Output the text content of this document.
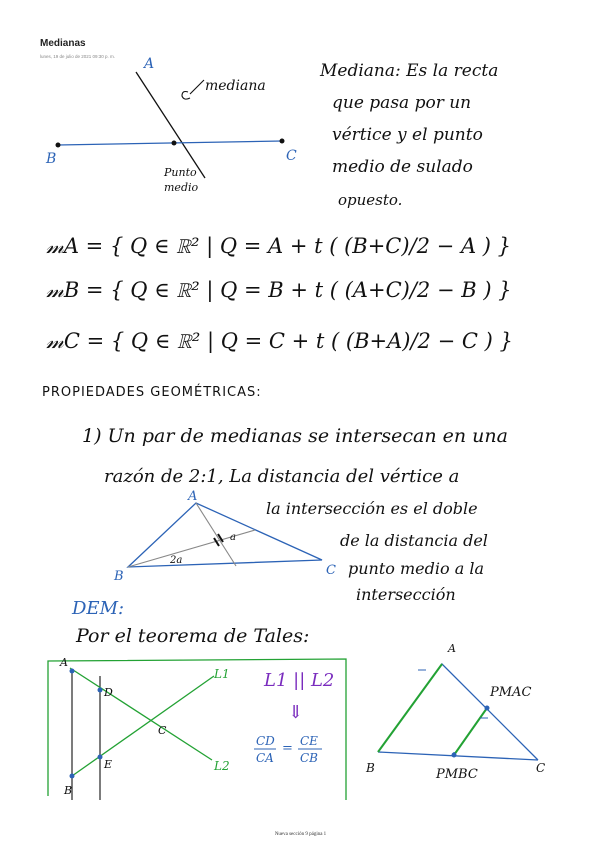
Medianas
lunes, 19 de julio de 2021 09:30 p. m. A
B	C
mediana
Punto
medio
Mediana: Es la recta
que pasa por un
vértice y el punto
medio de sulado
opuesto.
𝓂A = { Q ∈ ℝ² | Q = A + t ( (B+C)/2 − A ) }
𝓂B = { Q ∈ ℝ² | Q = B + t ( (A+C)/2 − B ) }
𝓂C = { Q ∈ ℝ² | Q = C + t ( (B+A)/2 − C ) }
PROPIEDADES GEOMÉTRICAS:
1) Un par de medianas se intersecan en una
razón de 2:1, La distancia del vértice a
la intersección es el doble
de la distancia del
punto medio a la
intersección
A
B	C
2a
a
DEM:
Por el teorema de Tales:
A
D
C
E
B
L1
L2
L1 || L2
⇓
CD
CA
= CE
CB
A
B	C
PMAC
PMBC
Nueva sección 9 página 1
